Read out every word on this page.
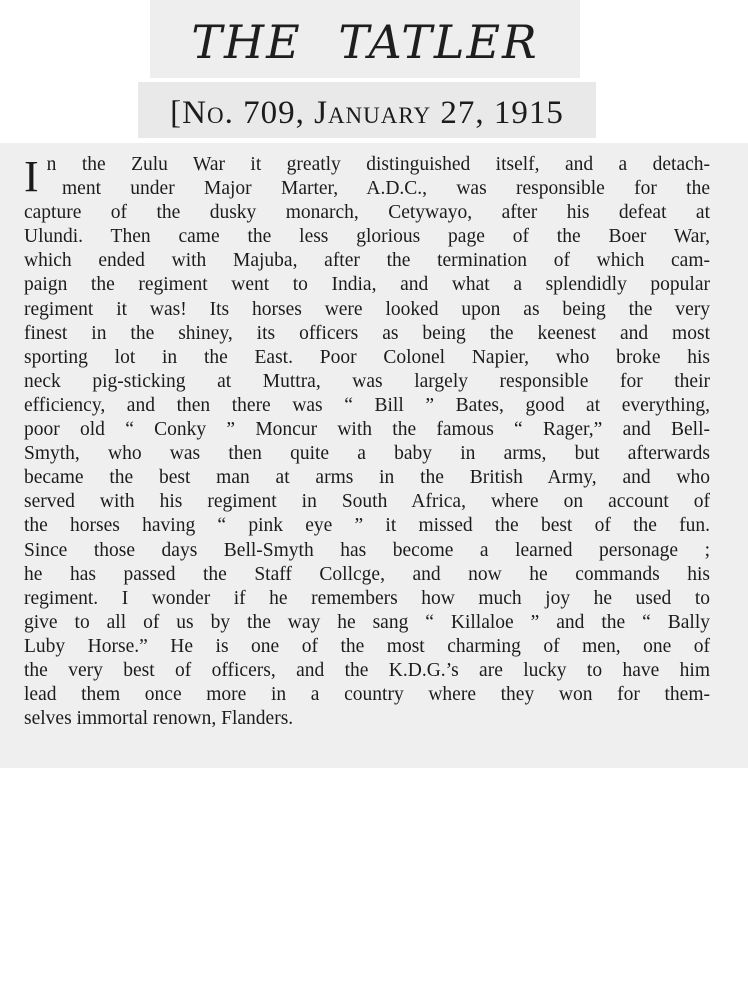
THE TATLER
[No. 709, January 27, 1915
I n the Zulu War it greatly distinguished itself, and a detach-
ment under Major Marter, A.D.C., was responsible for the
capture of the dusky monarch, Cetywayo, after his defeat at
Ulundi. Then came the less glorious page of the Boer War,
which ended with Majuba, after the termination of which cam-
paign the regiment went to India, and what a splendidly popular
regiment it was! Its horses were looked upon as being the very
finest in the shiney, its officers as being the keenest and most
sporting lot in the East. Poor Colonel Napier, who broke his
neck pig-sticking at Muttra, was largely responsible for their
efficiency, and then there was “ Bill ” Bates, good at everything,
poor old “ Conky ” Moncur with the famous “ Rager,” and Bell-
Smyth, who was then quite a baby in arms, but afterwards
became the best man at arms in the British Army, and who
served with his regiment in South Africa, where on account of
the horses having “ pink eye ” it missed the best of the fun.
Since those days Bell-Smyth has become a learned personage ;
he has passed the Staff Collcge, and now he commands his
regiment. I wonder if he remembers how much joy he used to
give to all of us by the way he sang “ Killaloe ” and the “ Bally
Luby Horse.” He is one of the most charming of men, one of
the very best of officers, and the K.D.G.’s are lucky to have him
lead them once more in a country where they won for them-
selves immortal renown, Flanders.
